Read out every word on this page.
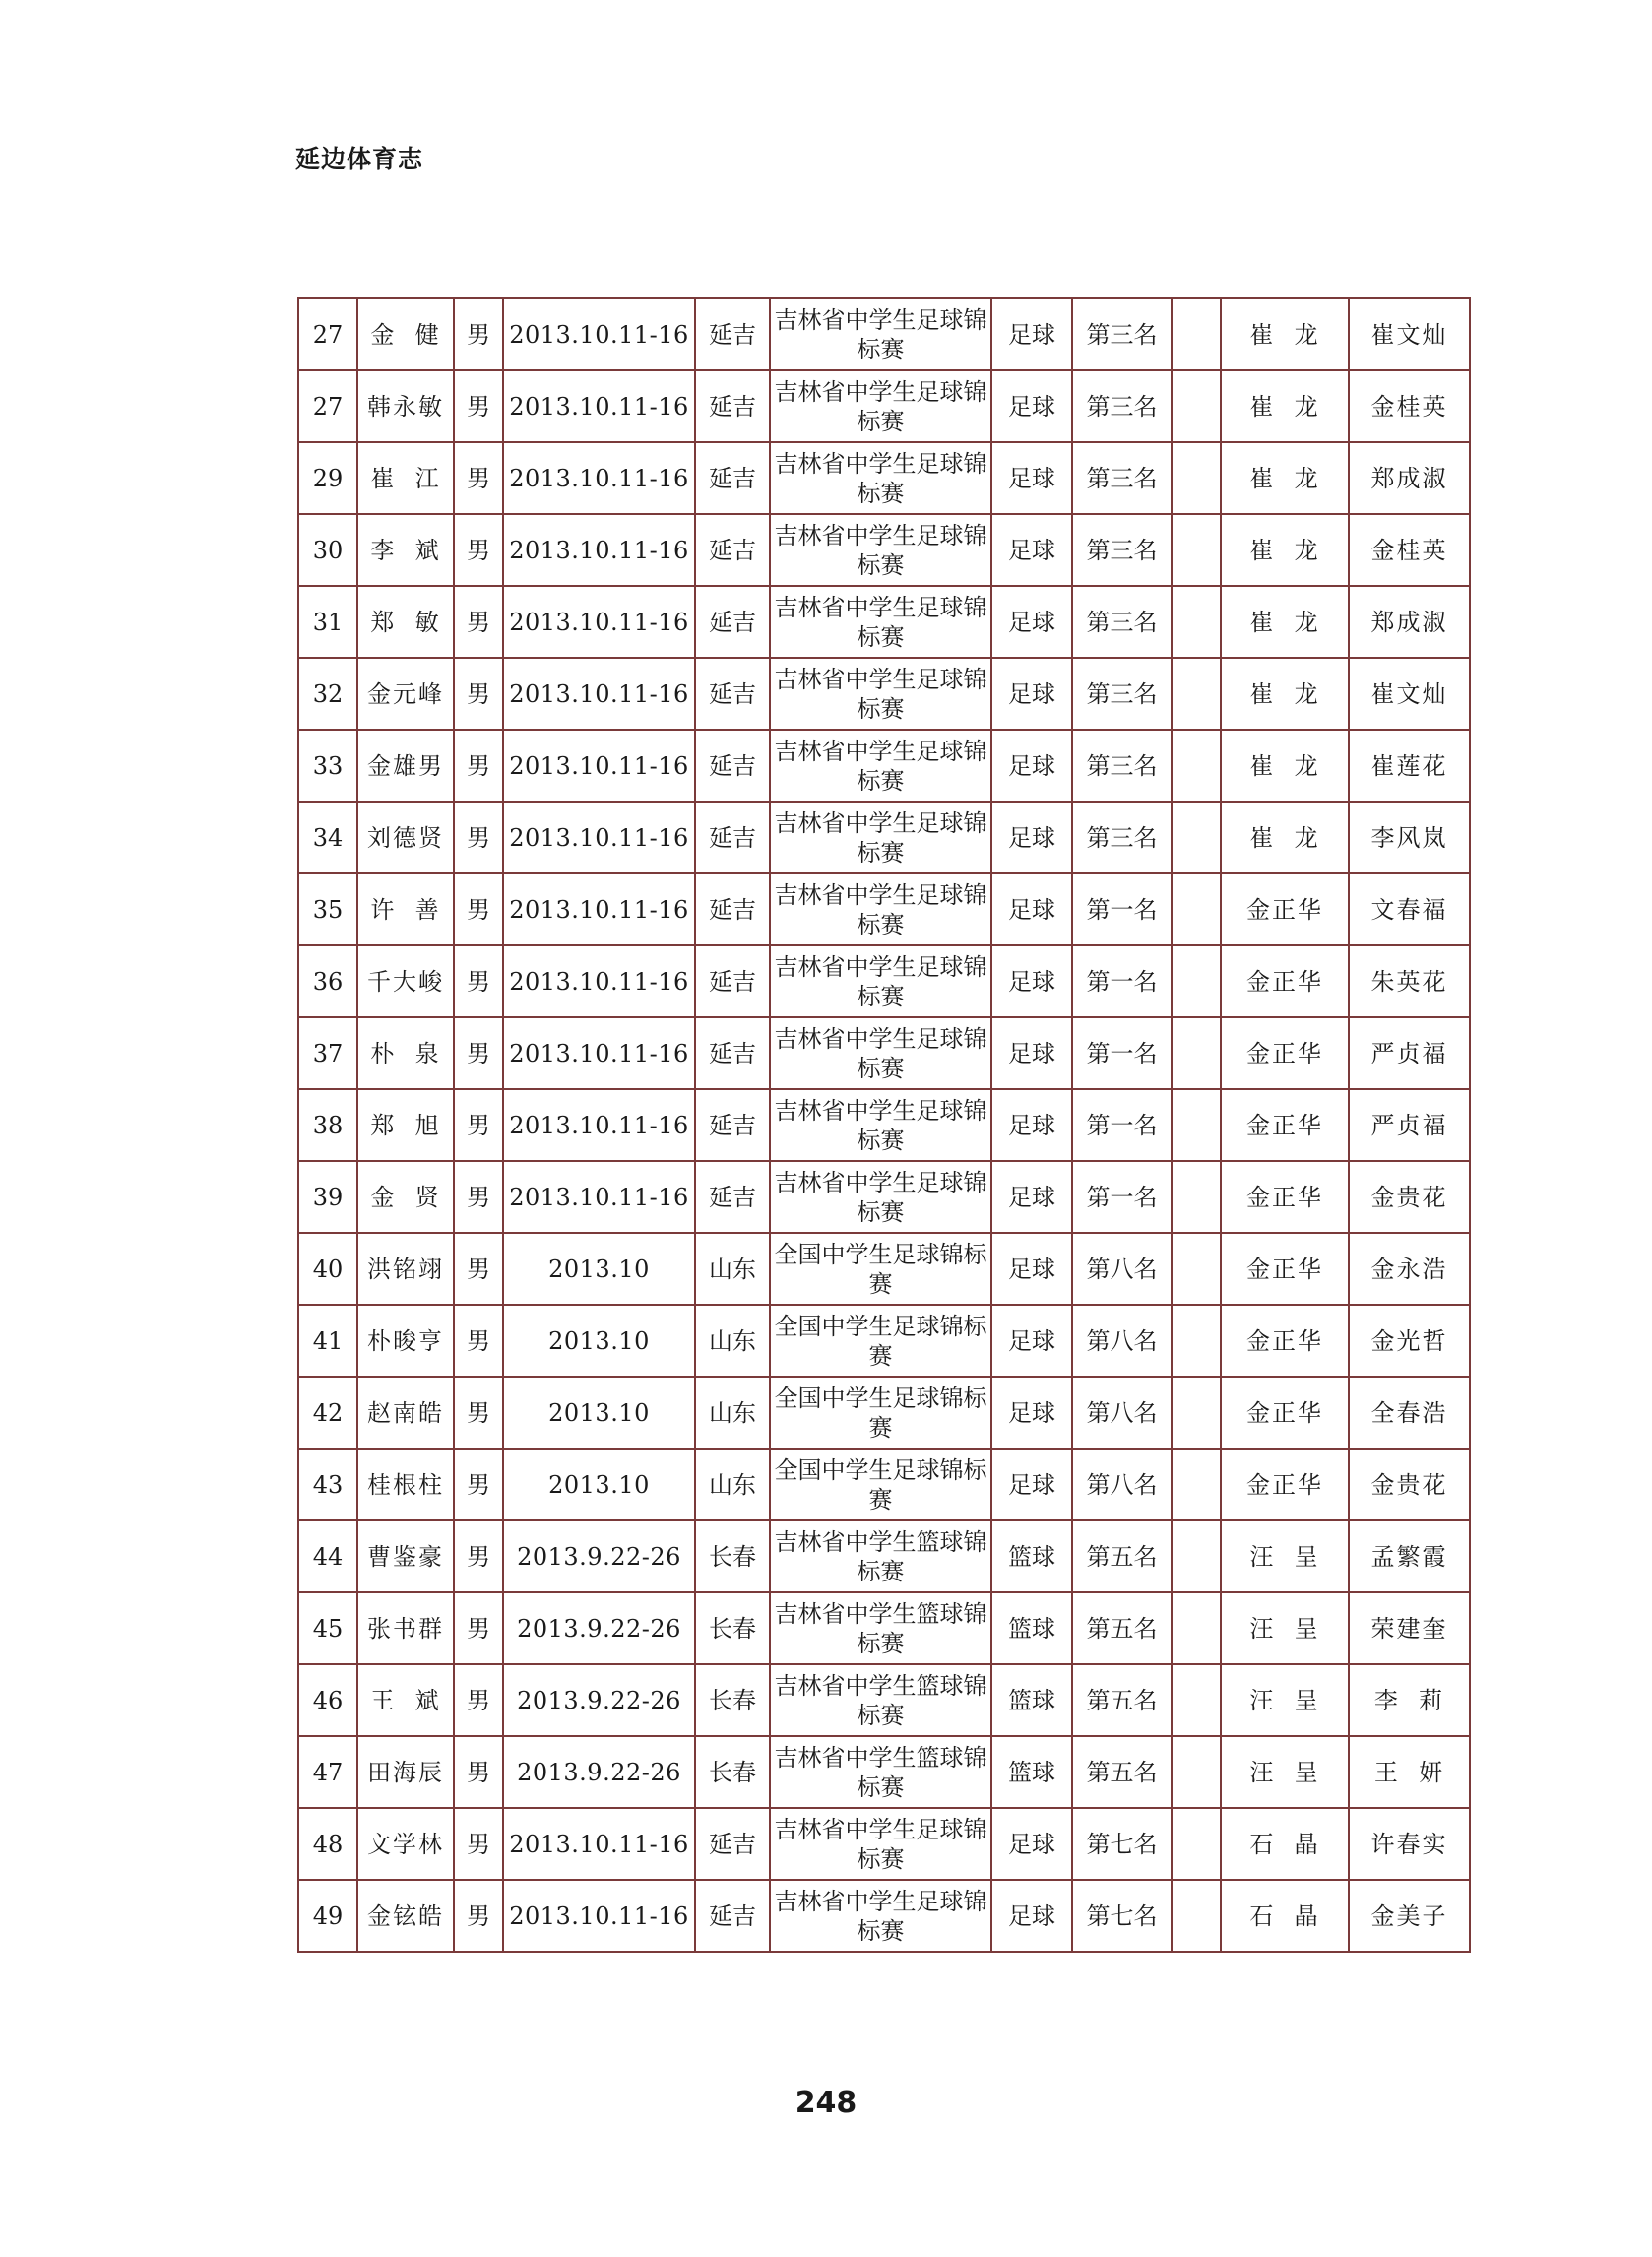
延边体育志
27	金  健	男	2013.10.11-16	延吉	吉林省中学生足球锦标赛	足球	第三名		崔  龙	崔文灿
27	韩永敏	男	2013.10.11-16	延吉	吉林省中学生足球锦标赛	足球	第三名		崔  龙	金桂英
29	崔  江	男	2013.10.11-16	延吉	吉林省中学生足球锦标赛	足球	第三名		崔  龙	郑成淑
30	李  斌	男	2013.10.11-16	延吉	吉林省中学生足球锦标赛	足球	第三名		崔  龙	金桂英
31	郑  敏	男	2013.10.11-16	延吉	吉林省中学生足球锦标赛	足球	第三名		崔  龙	郑成淑
32	金元峰	男	2013.10.11-16	延吉	吉林省中学生足球锦标赛	足球	第三名		崔  龙	崔文灿
33	金雄男	男	2013.10.11-16	延吉	吉林省中学生足球锦标赛	足球	第三名		崔  龙	崔莲花
34	刘德贤	男	2013.10.11-16	延吉	吉林省中学生足球锦标赛	足球	第三名		崔  龙	李风岚
35	许  善	男	2013.10.11-16	延吉	吉林省中学生足球锦标赛	足球	第一名		金正华	文春福
36	千大峻	男	2013.10.11-16	延吉	吉林省中学生足球锦标赛	足球	第一名		金正华	朱英花
37	朴  泉	男	2013.10.11-16	延吉	吉林省中学生足球锦标赛	足球	第一名		金正华	严贞福
38	郑  旭	男	2013.10.11-16	延吉	吉林省中学生足球锦标赛	足球	第一名		金正华	严贞福
39	金  贤	男	2013.10.11-16	延吉	吉林省中学生足球锦标赛	足球	第一名		金正华	金贵花
40	洪铭翊	男	2013.10	山东	全国中学生足球锦标赛	足球	第八名		金正华	金永浩
41	朴晙亨	男	2013.10	山东	全国中学生足球锦标赛	足球	第八名		金正华	金光哲
42	赵南皓	男	2013.10	山东	全国中学生足球锦标赛	足球	第八名		金正华	全春浩
43	桂根柱	男	2013.10	山东	全国中学生足球锦标赛	足球	第八名		金正华	金贵花
44	曹鉴豪	男	2013.9.22-26	长春	吉林省中学生篮球锦标赛	篮球	第五名		汪  呈	孟繁霞
45	张书群	男	2013.9.22-26	长春	吉林省中学生篮球锦标赛	篮球	第五名		汪  呈	荣建奎
46	王  斌	男	2013.9.22-26	长春	吉林省中学生篮球锦标赛	篮球	第五名		汪  呈	李  莉
47	田海辰	男	2013.9.22-26	长春	吉林省中学生篮球锦标赛	篮球	第五名		汪  呈	王  妍
48	文学林	男	2013.10.11-16	延吉	吉林省中学生足球锦标赛	足球	第七名		石  晶	许春实
49	金铉皓	男	2013.10.11-16	延吉	吉林省中学生足球锦标赛	足球	第七名		石  晶	金美子
248
